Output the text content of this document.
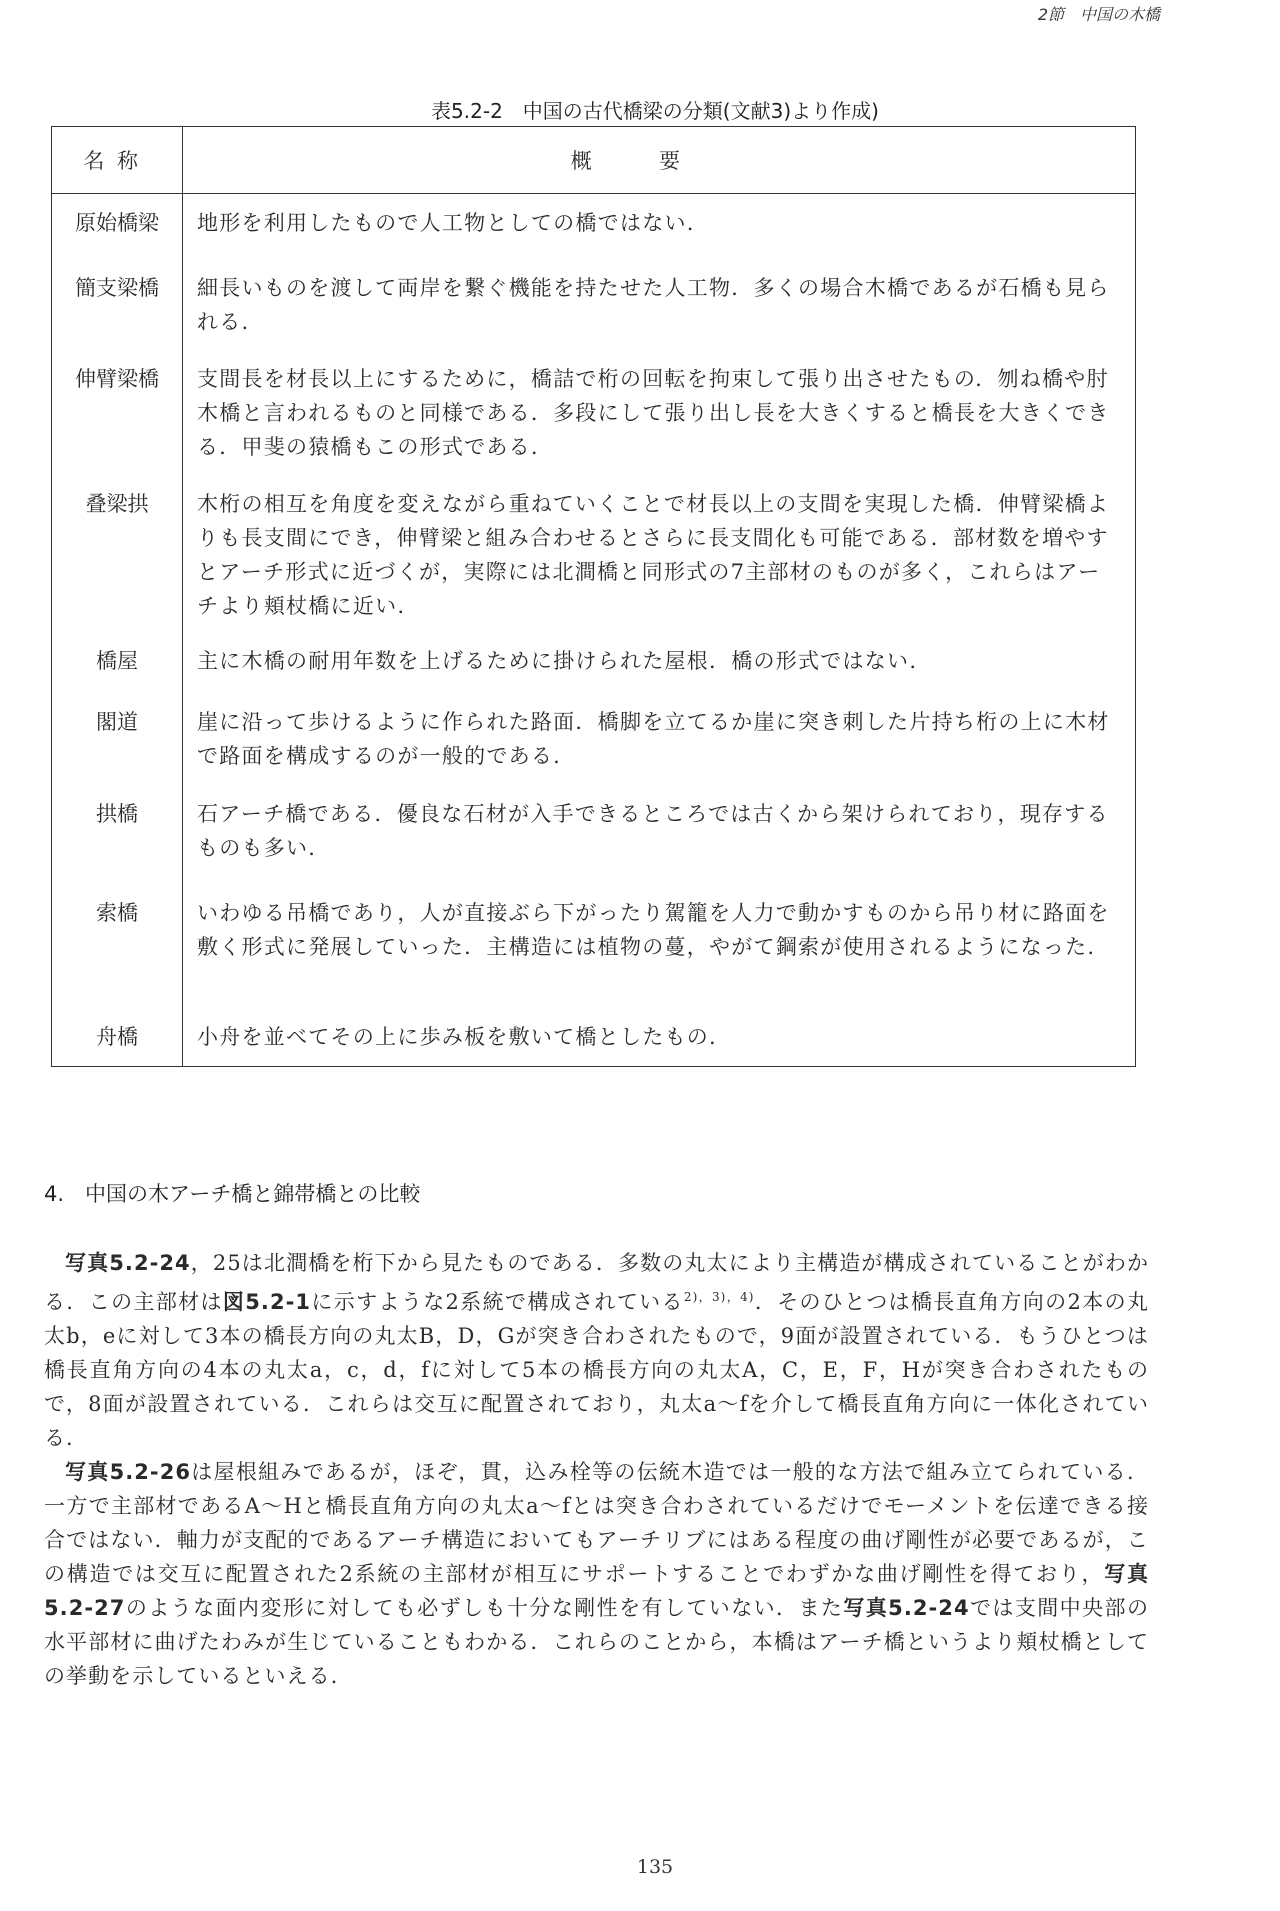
2節　中国の木橋
表5.2-2　中国の古代橋梁の分類(文献3)より作成)
名称	概要
原始橋梁	地形を利用したもので人工物としての橋ではない.
簡支梁橋	細長いものを渡して両岸を繋ぐ機能を持たせた人工物．多くの場合木橋であるが石橋も見られる.
伸臂梁橋	支間長を材長以上にするために，橋詰で桁の回転を拘束して張り出させたもの．刎ね橋や肘木橋と言われるものと同様である．多段にして張り出し長を大きくすると橋長を大きくできる．甲斐の猿橋もこの形式である.
叠梁拱	木桁の相互を角度を変えながら重ねていくことで材長以上の支間を実現した橋．伸臂梁橋よりも長支間にでき，伸臂梁と組み合わせるとさらに長支間化も可能である．部材数を増やすとアーチ形式に近づくが，実際には北澗橋と同形式の7主部材のものが多く，これらはアーチより頬杖橋に近い.
橋屋	主に木橋の耐用年数を上げるために掛けられた屋根．橋の形式ではない.
閣道	崖に沿って歩けるように作られた路面．橋脚を立てるか崖に突き刺した片持ち桁の上に木材で路面を構成するのが一般的である.
拱橋	石アーチ橋である．優良な石材が入手できるところでは古くから架けられており，現存するものも多い.
索橋	いわゆる吊橋であり，人が直接ぶら下がったり駕籠を人力で動かすものから吊り材に路面を敷く形式に発展していった．主構造には植物の蔓，やがて鋼索が使用されるようになった.
舟橋	小舟を並べてその上に歩み板を敷いて橋としたもの.
4.　中国の木アーチ橋と錦帯橋との比較

写真5.2-24，25は北澗橋を桁下から見たものである．多数の丸太により主構造が構成されていることがわかる．この主部材は図5.2-1に示すような2系統で構成されている$^{2),3),4)}$．そのひとつは橋長直角方向の2本の丸太b，eに対して3本の橋長方向の丸太B，D，Gが突き合わされたもので，9面が設置されている．もうひとつは橋長直角方向の4本の丸太a，c，d，fに対して5本の橋長方向の丸太A，C，E，F，Hが突き合わされたもので，8面が設置されている．これらは交互に配置されており，丸太a～fを介して橋長直角方向に一体化されている.

写真5.2-26は屋根組みであるが，ほぞ，貫，込み栓等の伝統木造では一般的な方法で組み立てられている．一方で主部材であるA～Hと橋長直角方向の丸太a～fとは突き合わされているだけでモーメントを伝達できる接合ではない．軸力が支配的であるアーチ構造においてもアーチリブにはある程度の曲げ剛性が必要であるが，この構造では交互に配置された2系統の主部材が相互にサポートすることでわずかな曲げ剛性を得ており，写真5.2-27のような面内変形に対しても必ずしも十分な剛性を有していない．また写真5.2-24では支間中央部の水平部材に曲げたわみが生じていることもわかる．これらのことから，本橋はアーチ橋というより頬杖橋としての挙動を示しているといえる.

135
